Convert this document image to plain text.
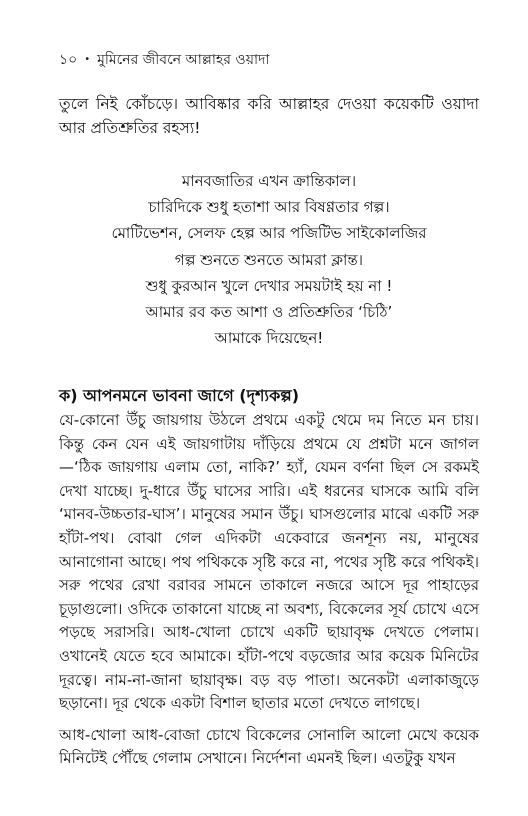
১০ • মুমিনের জীবনে আল্লাহর ওয়াদা
তুলে নিই কোঁচড়ে। আবিষ্কার করি আল্লাহর দেওয়া কয়েকটি ওয়াদা আর প্রতিশ্রুতির রহস্য!
মানবজাতির এখন ক্রান্তিকাল।
চারিদিকে শুধু হতাশা আর বিষণ্ণতার গল্প।
মোটিভেশন, সেলফ হেল্প আর পজিটিভ সাইকোলজির
গল্প শুনতে শুনতে আমরা ক্লান্ত।
শুধু কুরআন খুলে দেখার সময়টাই হয় না !
আমার রব কত আশা ও প্রতিশ্রুতির ‘চিঠি’
আমাকে দিয়েছেন!
ক) আপনমনে ভাবনা জাগে (দৃশ্যকল্প)

যে-কোনো উঁচু জায়গায় উঠলে প্রথমে একটু থেমে দম নিতে মন চায়। কিন্তু কেন যেন এই জায়গাটায় দাঁড়িয়ে প্রথমে যে প্রশ্নটা মনে জাগল—‘ঠিক জায়গায় এলাম তো, নাকি?’ হ্যাঁ, যেমন বর্ণনা ছিল সে রকমই দেখা যাচ্ছে। দু-ধারে উঁচু ঘাসের সারি। এই ধরনের ঘাসকে আমি বলি ‘মানব-উচ্চতার-ঘাস’। মানুষের সমান উঁচু। ঘাসগুলোর মাঝে একটি সরু হাঁটা-পথ। বোঝা গেল এদিকটা একেবারে জনশূন্য নয়, মানুষের আনাগোনা আছে। পথ পথিককে সৃষ্টি করে না, পথের সৃষ্টি করে পথিকই। সরু পথের রেখা বরাবর সামনে তাকালে নজরে আসে দূর পাহাড়ের চূড়াগুলো। ওদিকে তাকানো যাচ্ছে না অবশ্য, বিকেলের সূর্য চোখে এসে পড়ছে সরাসরি। আধ-খোলা চোখে একটি ছায়াবৃক্ষ দেখতে পেলাম। ওখানেই যেতে হবে আমাকে। হাঁটা-পথে বড়জোর আর কয়েক মিনিটের দূরত্বে। নাম-না-জানা ছায়াবৃক্ষ। বড় বড় পাতা। অনেকটা এলাকাজুড়ে ছড়ানো। দূর থেকে একটা বিশাল ছাতার মতো দেখতে লাগছে।

আধ-খোলা আধ-বোজা চোখে বিকেলের সোনালি আলো মেখে কয়েক মিনিটেই পৌঁছে গেলাম সেখানে। নির্দেশনা এমনই ছিল। এতটুকু যখন
